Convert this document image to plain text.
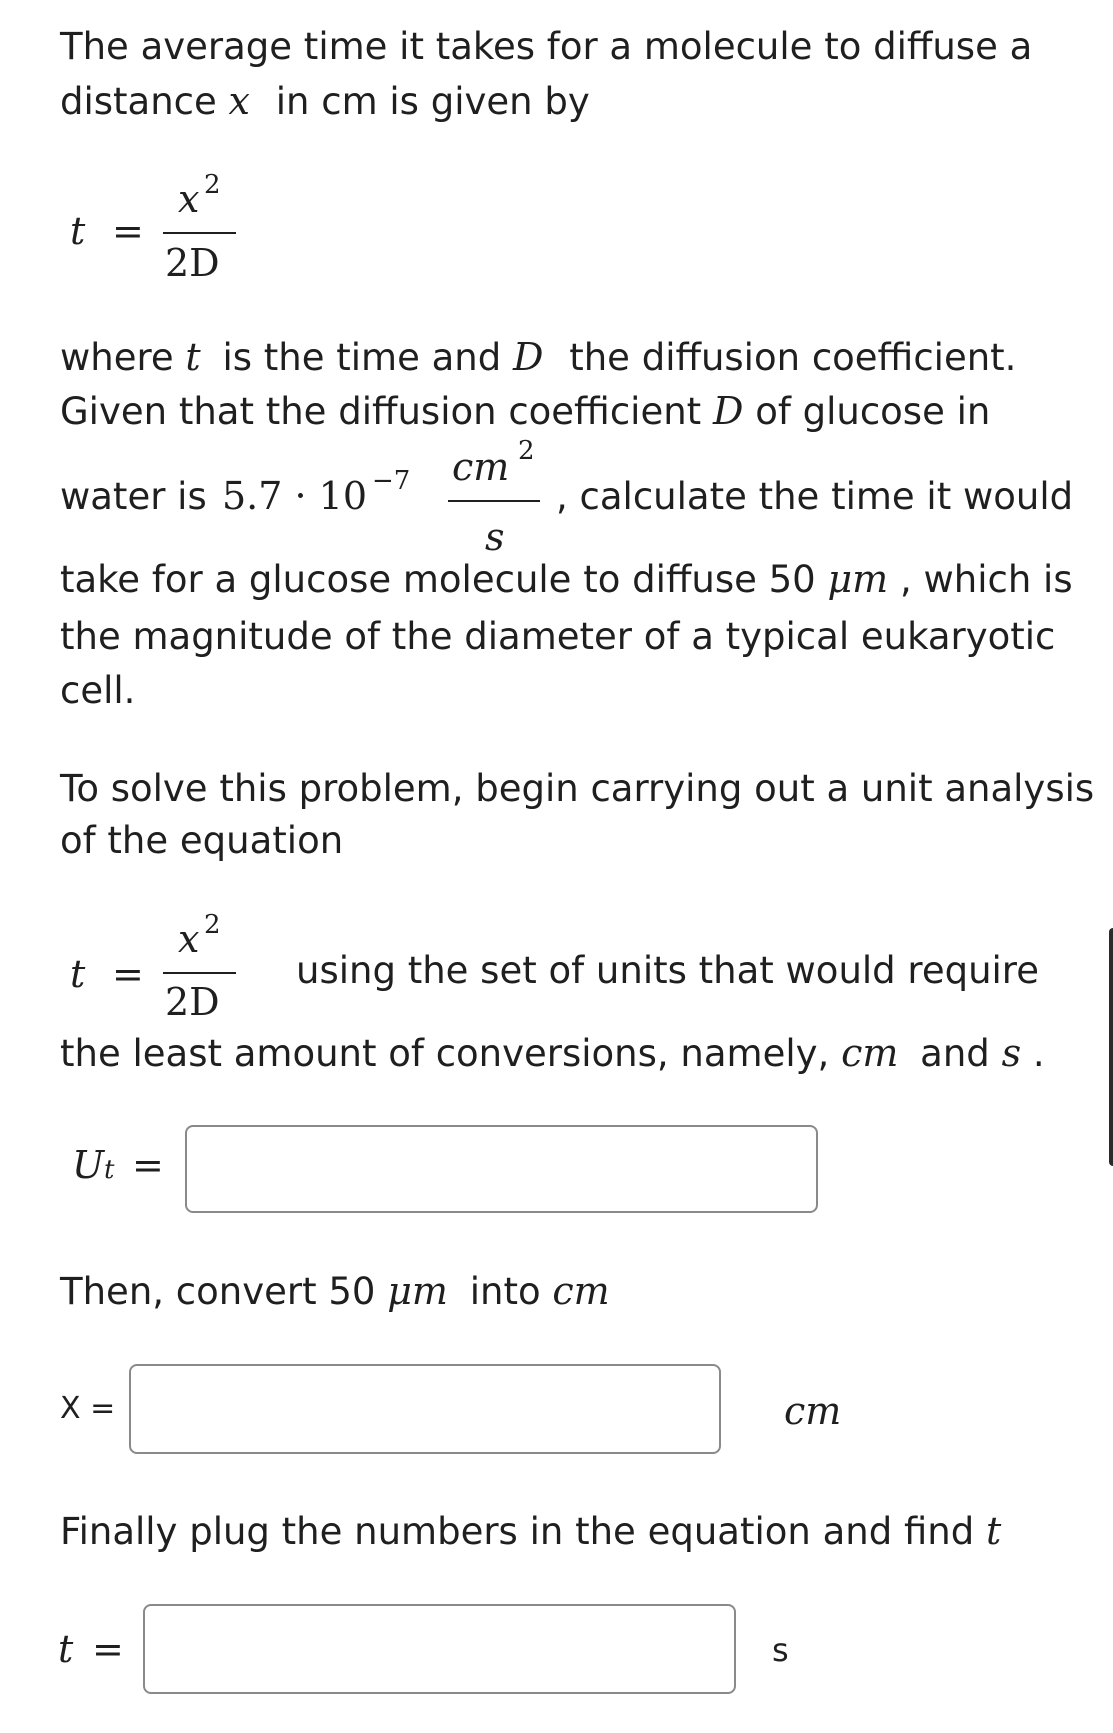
The average time it takes for a molecule to diffuse a
distance x in cm is given by
t =
x 2
2D
where t is the time and D the diffusion coefficient.
Given that the diffusion coefficient D of glucose in
water is 5.7 · 10 −7 cm 2
s
, calculate the time it would
take for a glucose molecule to diffuse 50 μm , which is
the magnitude of the diameter of a typical eukaryotic
cell.
To solve this problem, begin carrying out a unit analysis
of the equation
t =
x 2
2D
using the set of units that would require
the least amount of conversions, namely, cm and s .
Ut =
Then, convert 50 μm into cm
X =	cm
Finally plug the numbers in the equation and find t
t =	s
